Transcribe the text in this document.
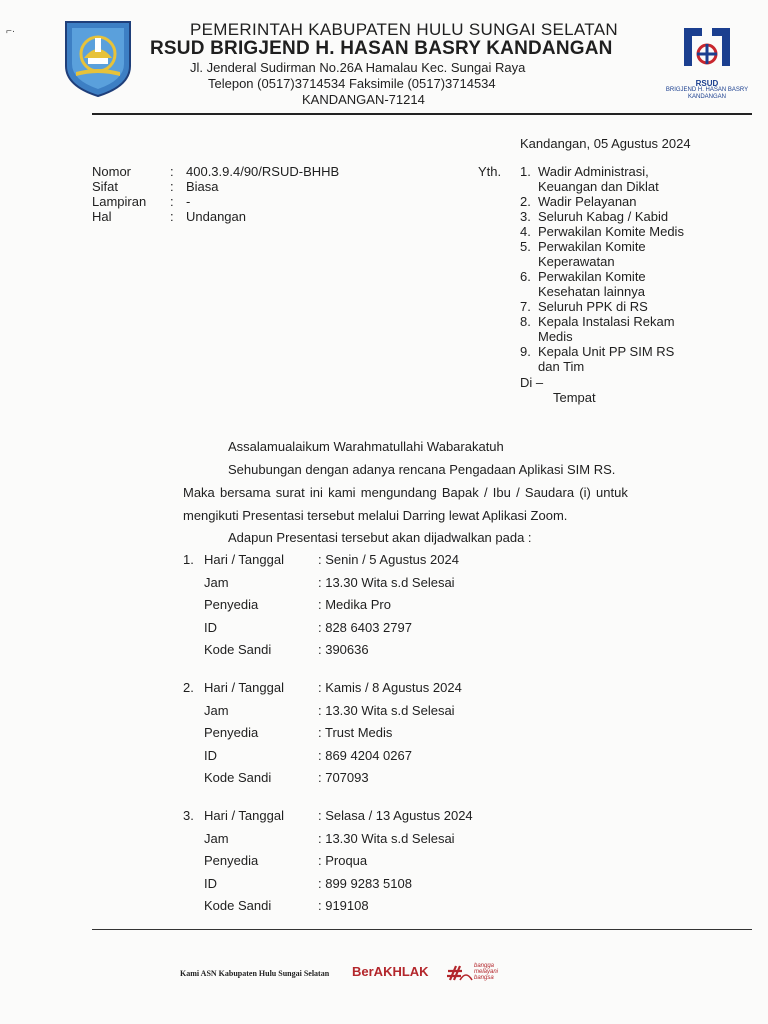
⌐·	PEMERINTAH KABUPATEN HULU SUNGAI SELATAN
RSUD BRIGJEND H. HASAN BASRY KANDANGAN
Jl. Jenderal Sudirman No.26A Hamalau Kec. Sungai Raya
Telepon (0517)3714534 Faksimile (0517)3714534
KANDANGAN-71214
RSUD
BRIGJEND H. HASAN BASRY
KANDANGAN
Kandangan, 05 Agustus 2024
Nomor	: 400.3.9.4/90/RSUD-BHHB
Sifat	: Biasa
Lampiran : -
Hal	: Undangan
Yth. 1. Wadir Administrasi,
Keuangan dan Diklat
2. Wadir Pelayanan
3. Seluruh Kabag / Kabid
4. Perwakilan Komite Medis
5. Perwakilan Komite
Keperawatan
6. Perwakilan Komite
Kesehatan lainnya
7. Seluruh PPK di RS
8. Kepala Instalasi Rekam
Medis
9. Kepala Unit PP SIM RS
dan Tim
Di –
Tempat
Assalamualaikum Warahmatullahi Wabarakatuh
Sehubungan dengan adanya rencana Pengadaan Aplikasi SIM RS.
Maka bersama surat ini kami mengundang Bapak / Ibu / Saudara (i) untuk
mengikuti Presentasi tersebut melalui Darring lewat Aplikasi Zoom.
Adapun Presentasi tersebut akan dijadwalkan pada :
1. Hari / Tanggal	: Senin / 5 Agustus 2024
Jam	: 13.30 Wita s.d Selesai
Penyedia	: Medika Pro
ID	: 828 6403 2797
Kode Sandi	: 390636
2. Hari / Tanggal	: Kamis / 8 Agustus 2024
Jam	: 13.30 Wita s.d Selesai
Penyedia	: Trust Medis
ID	: 869 4204 0267
Kode Sandi	: 707093
3. Hari / Tanggal	: Selasa / 13 Agustus 2024
Jam	: 13.30 Wita s.d Selesai
Penyedia	: Proqua
ID	: 899 9283 5108
Kode Sandi	: 919108
Kami ASN Kabupaten Hulu Sungai Selatan BerAKHLAK	bangga
melayani
bangsa
